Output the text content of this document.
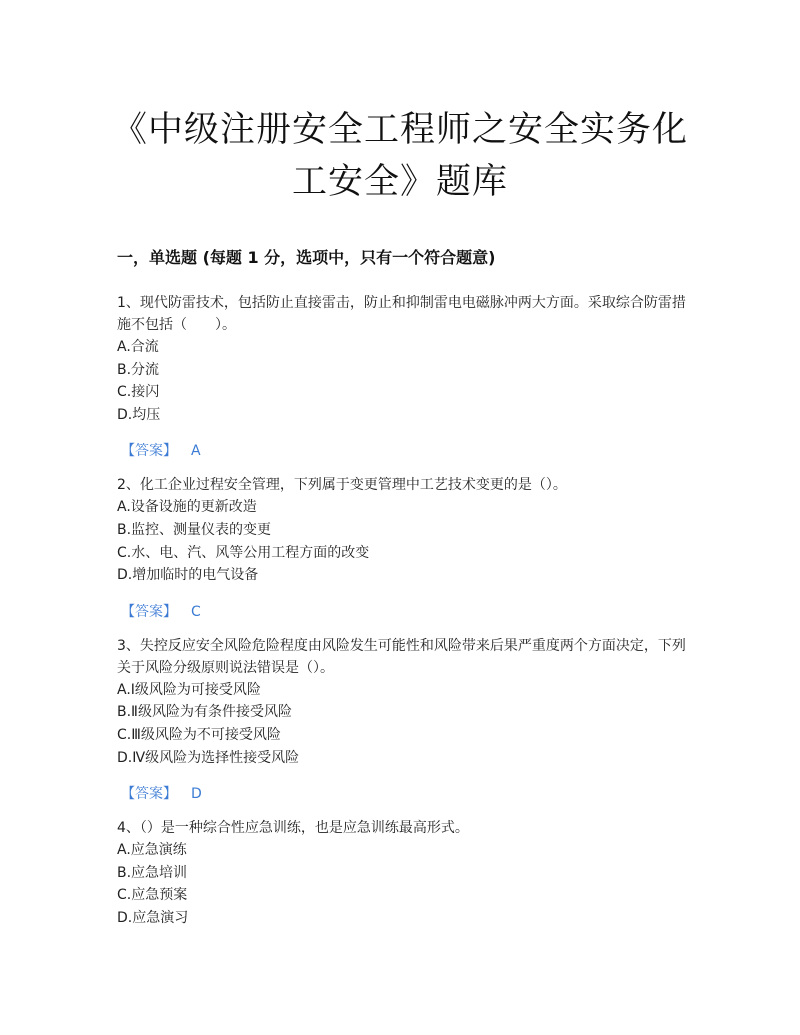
《中级注册安全工程师之安全实务化
工安全》题库
一，单选题 (每题 1 分，选项中，只有一个符合题意)

1、现代防雷技术，包括防止直接雷击，防止和抑制雷电电磁脉冲两大方面。采取综合防雷措施不包括（　　）。

A.合流

B.分流

C.接闪

D.均压

【答案】 A

2、化工企业过程安全管理，下列属于变更管理中工艺技术变更的是（）。

A.设备设施的更新改造

B.监控、测量仪表的变更

C.水、电、汽、风等公用工程方面的改变

D.增加临时的电气设备

【答案】 C

3、失控反应安全风险危险程度由风险发生可能性和风险带来后果严重度两个方面决定，下列关于风险分级原则说法错误是（）。

A.Ⅰ级风险为可接受风险

B.Ⅱ级风险为有条件接受风险

C.Ⅲ级风险为不可接受风险

D.Ⅳ级风险为选择性接受风险

【答案】 D

4、（）是一种综合性应急训练，也是应急训练最高形式。

A.应急演练

B.应急培训

C.应急预案

D.应急演习
